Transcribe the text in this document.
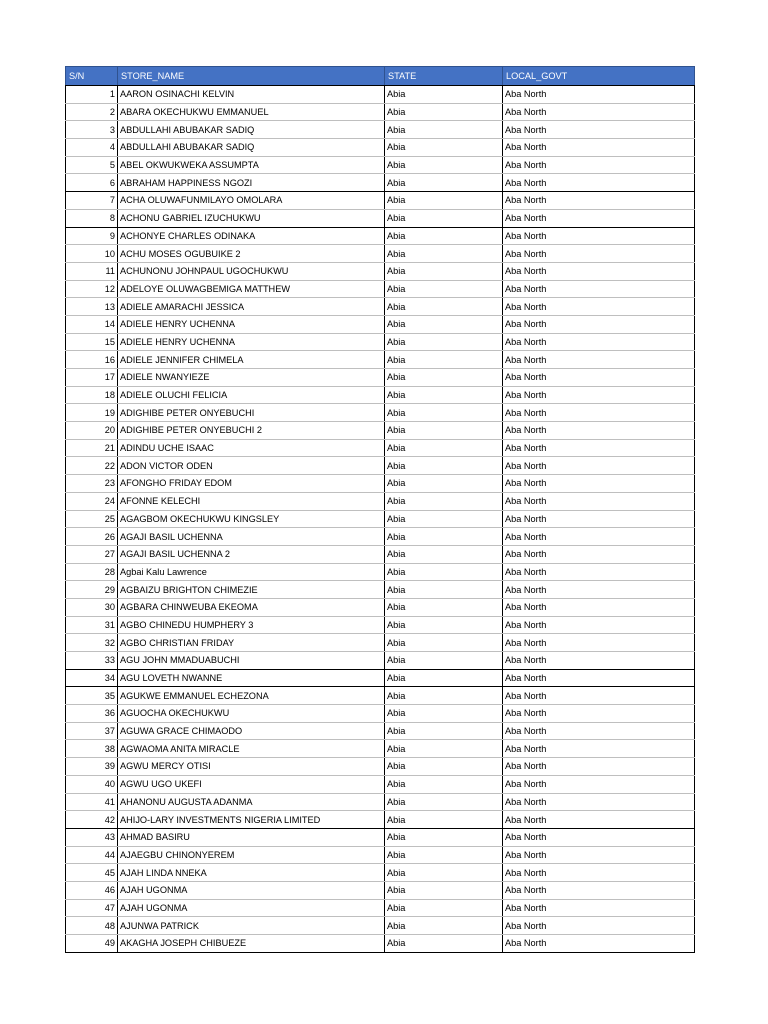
S/N	STORE_NAME	STATE	LOCAL_GOVT
1	AARON OSINACHI KELVIN	Abia	Aba North
2	ABARA OKECHUKWU EMMANUEL	Abia	Aba North
3	ABDULLAHI ABUBAKAR SADIQ	Abia	Aba North
4	ABDULLAHI ABUBAKAR SADIQ	Abia	Aba North
5	ABEL OKWUKWEKA ASSUMPTA	Abia	Aba North
6	ABRAHAM HAPPINESS NGOZI	Abia	Aba North
7	ACHA OLUWAFUNMILAYO OMOLARA	Abia	Aba North
8	ACHONU GABRIEL IZUCHUKWU	Abia	Aba North
9	ACHONYE CHARLES ODINAKA	Abia	Aba North
10	ACHU MOSES OGUBUIKE 2	Abia	Aba North
11	ACHUNONU JOHNPAUL UGOCHUKWU	Abia	Aba North
12	ADELOYE OLUWAGBEMIGA MATTHEW	Abia	Aba North
13	ADIELE AMARACHI JESSICA	Abia	Aba North
14	ADIELE HENRY UCHENNA	Abia	Aba North
15	ADIELE HENRY UCHENNA	Abia	Aba North
16	ADIELE JENNIFER CHIMELA	Abia	Aba North
17	ADIELE NWANYIEZE	Abia	Aba North
18	ADIELE OLUCHI FELICIA	Abia	Aba North
19	ADIGHIBE PETER ONYEBUCHI	Abia	Aba North
20	ADIGHIBE PETER ONYEBUCHI 2	Abia	Aba North
21	ADINDU UCHE ISAAC	Abia	Aba North
22	ADON VICTOR ODEN	Abia	Aba North
23	AFONGHO FRIDAY EDOM	Abia	Aba North
24	AFONNE KELECHI	Abia	Aba North
25	AGAGBOM OKECHUKWU KINGSLEY	Abia	Aba North
26	AGAJI BASIL UCHENNA	Abia	Aba North
27	AGAJI BASIL UCHENNA 2	Abia	Aba North
28	Agbai Kalu Lawrence	Abia	Aba North
29	AGBAIZU BRIGHTON CHIMEZIE	Abia	Aba North
30	AGBARA CHINWEUBA EKEOMA	Abia	Aba North
31	AGBO CHINEDU HUMPHERY 3	Abia	Aba North
32	AGBO CHRISTIAN FRIDAY	Abia	Aba North
33	AGU JOHN MMADUABUCHI	Abia	Aba North
34	AGU LOVETH NWANNE	Abia	Aba North
35	AGUKWE EMMANUEL ECHEZONA	Abia	Aba North
36	AGUOCHA OKECHUKWU	Abia	Aba North
37	AGUWA GRACE CHIMAODO	Abia	Aba North
38	AGWAOMA ANITA MIRACLE	Abia	Aba North
39	AGWU MERCY OTISI	Abia	Aba North
40	AGWU UGO UKEFI	Abia	Aba North
41	AHANONU AUGUSTA ADANMA	Abia	Aba North
42	AHIJO-LARY INVESTMENTS NIGERIA LIMITED	Abia	Aba North
43	AHMAD BASIRU	Abia	Aba North
44	AJAEGBU CHINONYEREM	Abia	Aba North
45	AJAH LINDA NNEKA	Abia	Aba North
46	AJAH UGONMA	Abia	Aba North
47	AJAH UGONMA	Abia	Aba North
48	AJUNWA PATRICK	Abia	Aba North
49	AKAGHA JOSEPH CHIBUEZE	Abia	Aba North
